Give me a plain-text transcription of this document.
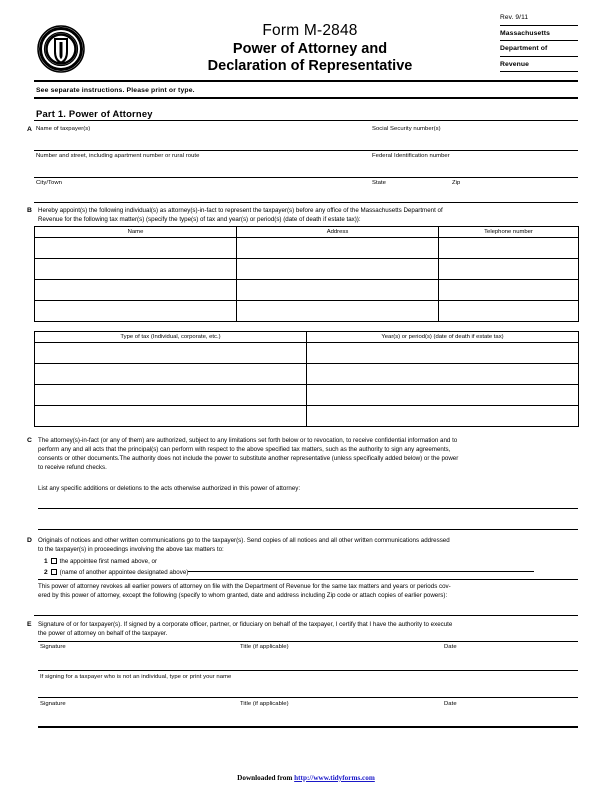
Form M-2848
Power of Attorney and
Declaration of Representative
Rev. 9/11
Massachusetts
Department of
Revenue
See separate instructions. Please print or type.
Part 1. Power of Attorney
A Name of taxpayer(s)	Social Security number(s)
Number and street, including apartment number or rural route	Federal Identification number
City/Town	State	Zip
B Hereby appoint(s) the following individual(s) as attorney(s)-in-fact to represent the taxpayer(s) before any office of the Massachusetts Department of
Revenue for the following tax matter(s) (specify the type(s) of tax and year(s) or period(s) (date of death if estate tax)):
Name	Address	Telephone number

Type of tax (Individual, corporate, etc.)	Year(s) or period(s) (date of death if estate tax)

C The attorney(s)-in-fact (or any of them) are authorized, subject to any limitations set forth below or to revocation, to receive confidential information and to
perform any and all acts that the principal(s) can perform with respect to the above specified tax matters, such as the authority to sign any agreements,
consents or other documents.The authority does not include the power to substitute another representative (unless specifically added below) or the power
to receive refund checks.
List any specific additions or deletions to the acts otherwise authorized in this power of attorney:
D Originals of notices and other written communications go to the taxpayer(s). Send copies of all notices and all other written communications addressed
to the taxpayer(s) in proceedings involving the above tax matters to:
1 the appointee first named above, or
2 (name of another appointee designated above)
This power of attorney revokes all earlier powers of attorney on file with the Department of Revenue for the same tax matters and years or periods cov-
ered by this power of attorney, except the following (specify to whom granted, date and address including Zip code or attach copies of earlier powers):
E Signature of or for taxpayer(s). If signed by a corporate officer, partner, or fiduciary on behalf of the taxpayer, I certify that I have the authority to execute
the power of attorney on behalf of the taxpayer.
Signature	Title (if applicable)	Date
If signing for a taxpayer who is not an individual, type or print your name
Signature	Title (if applicable)	Date
Downloaded from http://www.tidyforms.com
